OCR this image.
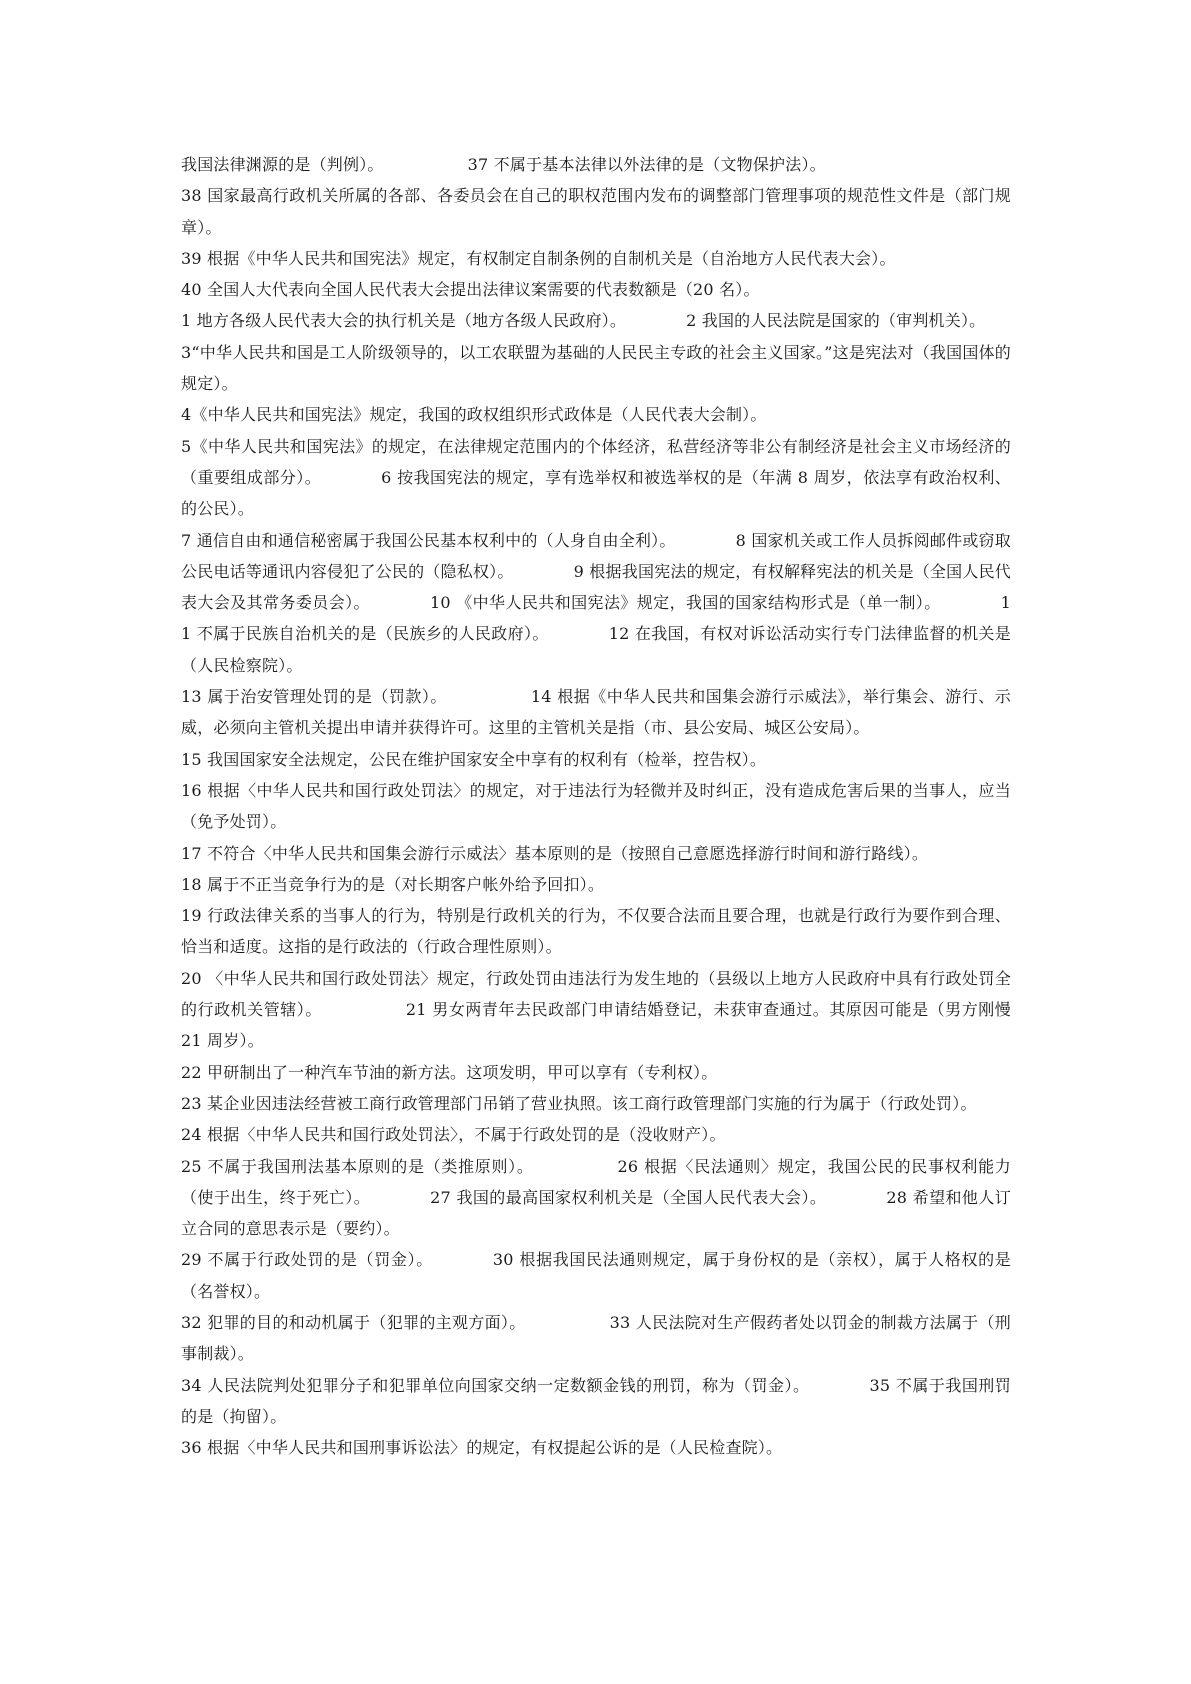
我国法律渊源的是（判例）。	37 不属于基本法律以外法律的是（文物保护法）。

38 国家最高行政机关所属的各部、各委员会在自己的职权范围内发布的调整部门管理事项的规范性文件是（部门规章）。

39 根据《中华人民共和国宪法》规定，有权制定自制条例的自制机关是（自治地方人民代表大会）。

40 全国人大代表向全国人民代表大会提出法律议案需要的代表数额是（20 名）。

1 地方各级人民代表大会的执行机关是（地方各级人民政府）。	2 我国的人民法院是国家的（审判机关）。

3“中华人民共和国是工人阶级领导的，以工农联盟为基础的人民民主专政的社会主义国家。”这是宪法对（我国国体的规定）。

4《中华人民共和国宪法》规定，我国的政权组织形式政体是（人民代表大会制）。

5《中华人民共和国宪法》的规定，在法律规定范围内的个体经济，私营经济等非公有制经济是社会主义市场经济的（重要组成部分）。	6 按我国宪法的规定，享有选举权和被选举权的是（年满 8 周岁，依法享有政治权利、的公民）。

7 通信自由和通信秘密属于我国公民基本权利中的（人身自由全利）。	8 国家机关或工作人员拆阅邮件或窃取公民电话等通讯内容侵犯了公民的（隐私权）。	9 根据我国宪法的规定，有权解释宪法的机关是（全国人民代表大会及其常务委员会）。	10 《中华人民共和国宪法》规定，我国的国家结构形式是（单一制）。	11 不属于民族自治机关的是（民族乡的人民政府）。	12 在我国，有权对诉讼活动实行专门法律监督的机关是（人民检察院）。

13 属于治安管理处罚的是（罚款）。	14 根据《中华人民共和国集会游行示威法》，举行集会、游行、示威，必须向主管机关提出申请并获得许可。这里的主管机关是指（市、县公安局、城区公安局）。

15 我国国家安全法规定，公民在维护国家安全中享有的权利有（检举，控告权）。

16 根据〈中华人民共和国行政处罚法〉的规定，对于违法行为轻微并及时纠正，没有造成危害后果的当事人，应当（免予处罚）。

17 不符合〈中华人民共和国集会游行示威法〉基本原则的是（按照自己意愿选择游行时间和游行路线）。

18 属于不正当竞争行为的是（对长期客户帐外给予回扣）。

19 行政法律关系的当事人的行为，特别是行政机关的行为，不仅要合法而且要合理，也就是行政行为要作到合理、恰当和适度。这指的是行政法的（行政合理性原则）。

20 〈中华人民共和国行政处罚法〉规定，行政处罚由违法行为发生地的（县级以上地方人民政府中具有行政处罚全的行政机关管辖）。	21 男女两青年去民政部门申请结婚登记，未获审查通过。其原因可能是（男方刚慢 21 周岁）。

22 甲研制出了一种汽车节油的新方法。这项发明，甲可以享有（专利权）。

23 某企业因违法经营被工商行政管理部门吊销了营业执照。该工商行政管理部门实施的行为属于（行政处罚）。

24 根据〈中华人民共和国行政处罚法〉，不属于行政处罚的是（没收财产）。

25 不属于我国刑法基本原则的是（类推原则）。	26 根据〈民法通则〉规定，我国公民的民事权利能力（使于出生，终于死亡）。	27 我国的最高国家权利机关是（全国人民代表大会）。	28 希望和他人订立合同的意思表示是（要约）。

29 不属于行政处罚的是（罚金）。	30 根据我国民法通则规定，属于身份权的是（亲权），属于人格权的是（名誉权）。

32 犯罪的目的和动机属于（犯罪的主观方面）。	33 人民法院对生产假药者处以罚金的制裁方法属于（刑事制裁）。

34 人民法院判处犯罪分子和犯罪单位向国家交纳一定数额金钱的刑罚，称为（罚金）。	35 不属于我国刑罚的是（拘留）。

36 根据〈中华人民共和国刑事诉讼法〉的规定，有权提起公诉的是（人民检查院）。
